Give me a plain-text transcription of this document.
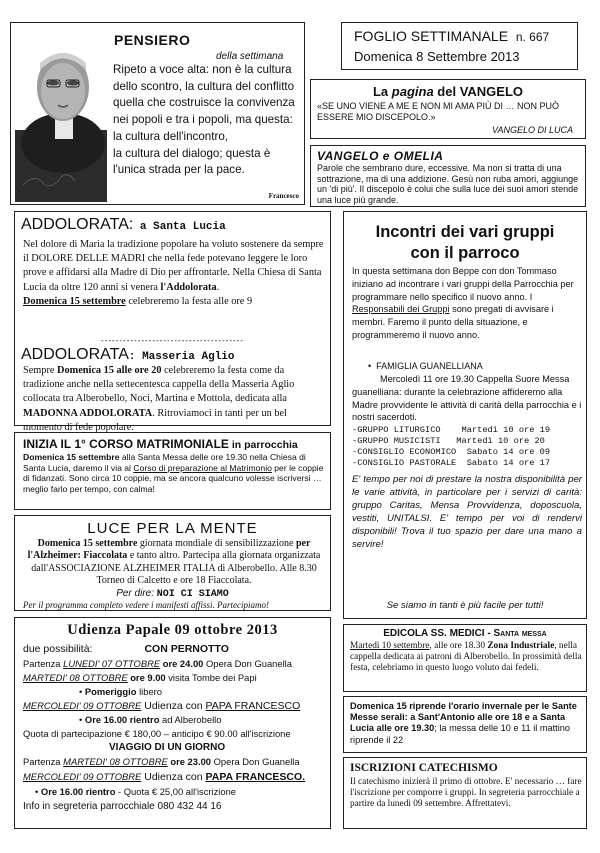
PENSIERO
della settimana

Ripeto a voce alta: non è la cultura

dello scontro, la cultura del conflitto

quella che costruisce la convivenza

nei popoli e tra i popoli, ma questa:

la cultura dell'incontro,

la cultura del dialogo; questa è

l'unica strada per la pace.

Francesco
FOGLIO SETTIMANALE n. 667
Domenica 8 Settembre 2013
La pagina del VANGELO
«SE UNO VIENE A ME E NON MI AMA PIÙ DI … NON PUÒ ESSERE MIO DISCEPOLO.»
VANGELO DI LUCA
VANGELO e OMELIA
Parole che sembrano dure, eccessive. Ma non si tratta di una sottrazione, ma di una addizione. Gesù non ruba amori, aggiunge un 'di più'. Il discepolo è colui che sulla luce dei suoi amori stende una luce più grande.
ADDOLORATA: a Santa Lucia
Nel dolore di Maria la tradizione popolare ha voluto sostenere da sempre il DOLORE DELLE MADRI che nella fede potevano leggere le loro prove e affidarsi alla Madre di Dio per affrontarle. Nella Chiesa di Santa Lucia da oltre 120 anni si venera l'Addolorata.
Domenica 15 settembre celebreremo la festa alle ore 9
---------------------------------------
ADDOLORATA: Masseria Aglio
Sempre Domenica 15 alle ore 20 celebreremo la festa come da tradizione anche nella settecentesca cappella della Masseria Aglio collocata tra Alberobello, Noci, Martina e Mottola, dedicata alla MADONNA ADDOLORATA. Ritroviamoci in tanti per un bel momento di fede popolare.
INIZIA IL 1° CORSO MATRIMONIALE in parrocchia
Domenica 15 settembre alla Santa Messa delle ore 19.30 nella Chiesa di Santa Lucia, daremo il via al Corso di preparazione al Matrimonio per le coppie di fidanzati. Sono circa 10 coppie, ma se ancora qualcuno volesse iscriversi … meglio farlo per tempo, con calma!
LUCE PER LA MENTE
Domenica 15 settembre giornata mondiale di sensibilizzazione per l'Alzheimer: Fiaccolata e tanto altro. Partecipa alla giornata organizzata dall'ASSOCIAZIONE ALZHEIMER ITALIA di Alberobello. Alle 8.30 Torneo di Calcetto e ore 18 Fiaccolata.
Per dire: NOI CI SIAMO
Per il programma completo vedere i manifesti affissi. Partecipiamo!
Udienza Papale 09 ottobre 2013
due possibilità:	CON PERNOTTO
Partenza LUNEDI' 07 OTTOBRE ore 24.00 Opera Don Guanella
MARTEDI' 08 OTTOBRE ore 9.00 visita Tombe dei Papi
• Pomeriggio libero
MERCOLEDI' 09 OTTOBRE Udienza con PAPA FRANCESCO
• Ore 16.00 rientro ad Alberobello
Quota di partecipazione € 180,00 – anticipo € 90.00 all'iscrizione
VIAGGIO DI UN GIORNO
Partenza MARTEDI' 08 OTTOBRE ore 23.00 Opera Don Guanella
MERCOLEDI' 09 OTTOBRE Udienza con PAPA FRANCESCO.
• Ore 16.00 rientro - Quota € 25,00 all'iscrizione
Info in segreteria parrocchiale 080 432 44 16
Incontri dei vari gruppi
con il parroco
In questa settimana don Beppe con don Tommaso iniziano ad incontrare i vari gruppi della Parrocchia per programmare nello specifico il nuovo anno. I Responsabili dei Gruppi sono pregati di avvisare i membri. Faremo il punto della situazione, e programmeremo il nuovo anno.
•  FAMIGLIA GUANELLIANA
Mercoledì 11 ore 19.30 Cappella Suore Messa guanelliana: durante la celebrazione affideremo alla Madre provvidente le attività di carità della parrocchia e i nostri sacerdoti.
-GRUPPO LITURGICO    Martedì 10 ore 19
-GRUPPO MUSICISTI   Martedì 10 ore 20
-CONSIGLIO ECONOMICO  Sabato 14 ore 09
-CONSIGLIO PASTORALE  Sabato 14 ore 17
E' tempo per noi di prestare la nostra disponibilità per le varie attività, in particolare per i servizi di carità: gruppo Caritas, Mensa Provvidenza, doposcuola, vestiti, UNITALSI. E' tempo per voi di rendervi disponibili! Trova il tuo spazio per dare una mano a servire!
Se siamo in tanti è più facile per tutti!
EDICOLA SS. MEDICI - Santa messa
Martedì 10 settembre, alle ore 18.30 Zona Industriale, nella cappella dedicata ai patroni di Alberobello. In prossimità della festa, celebriamo in questo luogo voluto dai fedeli.
Domenica 15 riprende l'orario invernale per le Sante Messe serali: a Sant'Antonio alle ore 18 e a Santa Lucia alle ore 19.30; la messa delle 10 e 11 il mattino riprende il 22
ISCRIZIONI CATECHISMO
Il catechismo inizierà il primo di ottobre. E' necessario … fare l'iscrizione per comporre i gruppi. In segreteria parrocchiale a partire da lunedì 09 settembre. Affrettatevi.
